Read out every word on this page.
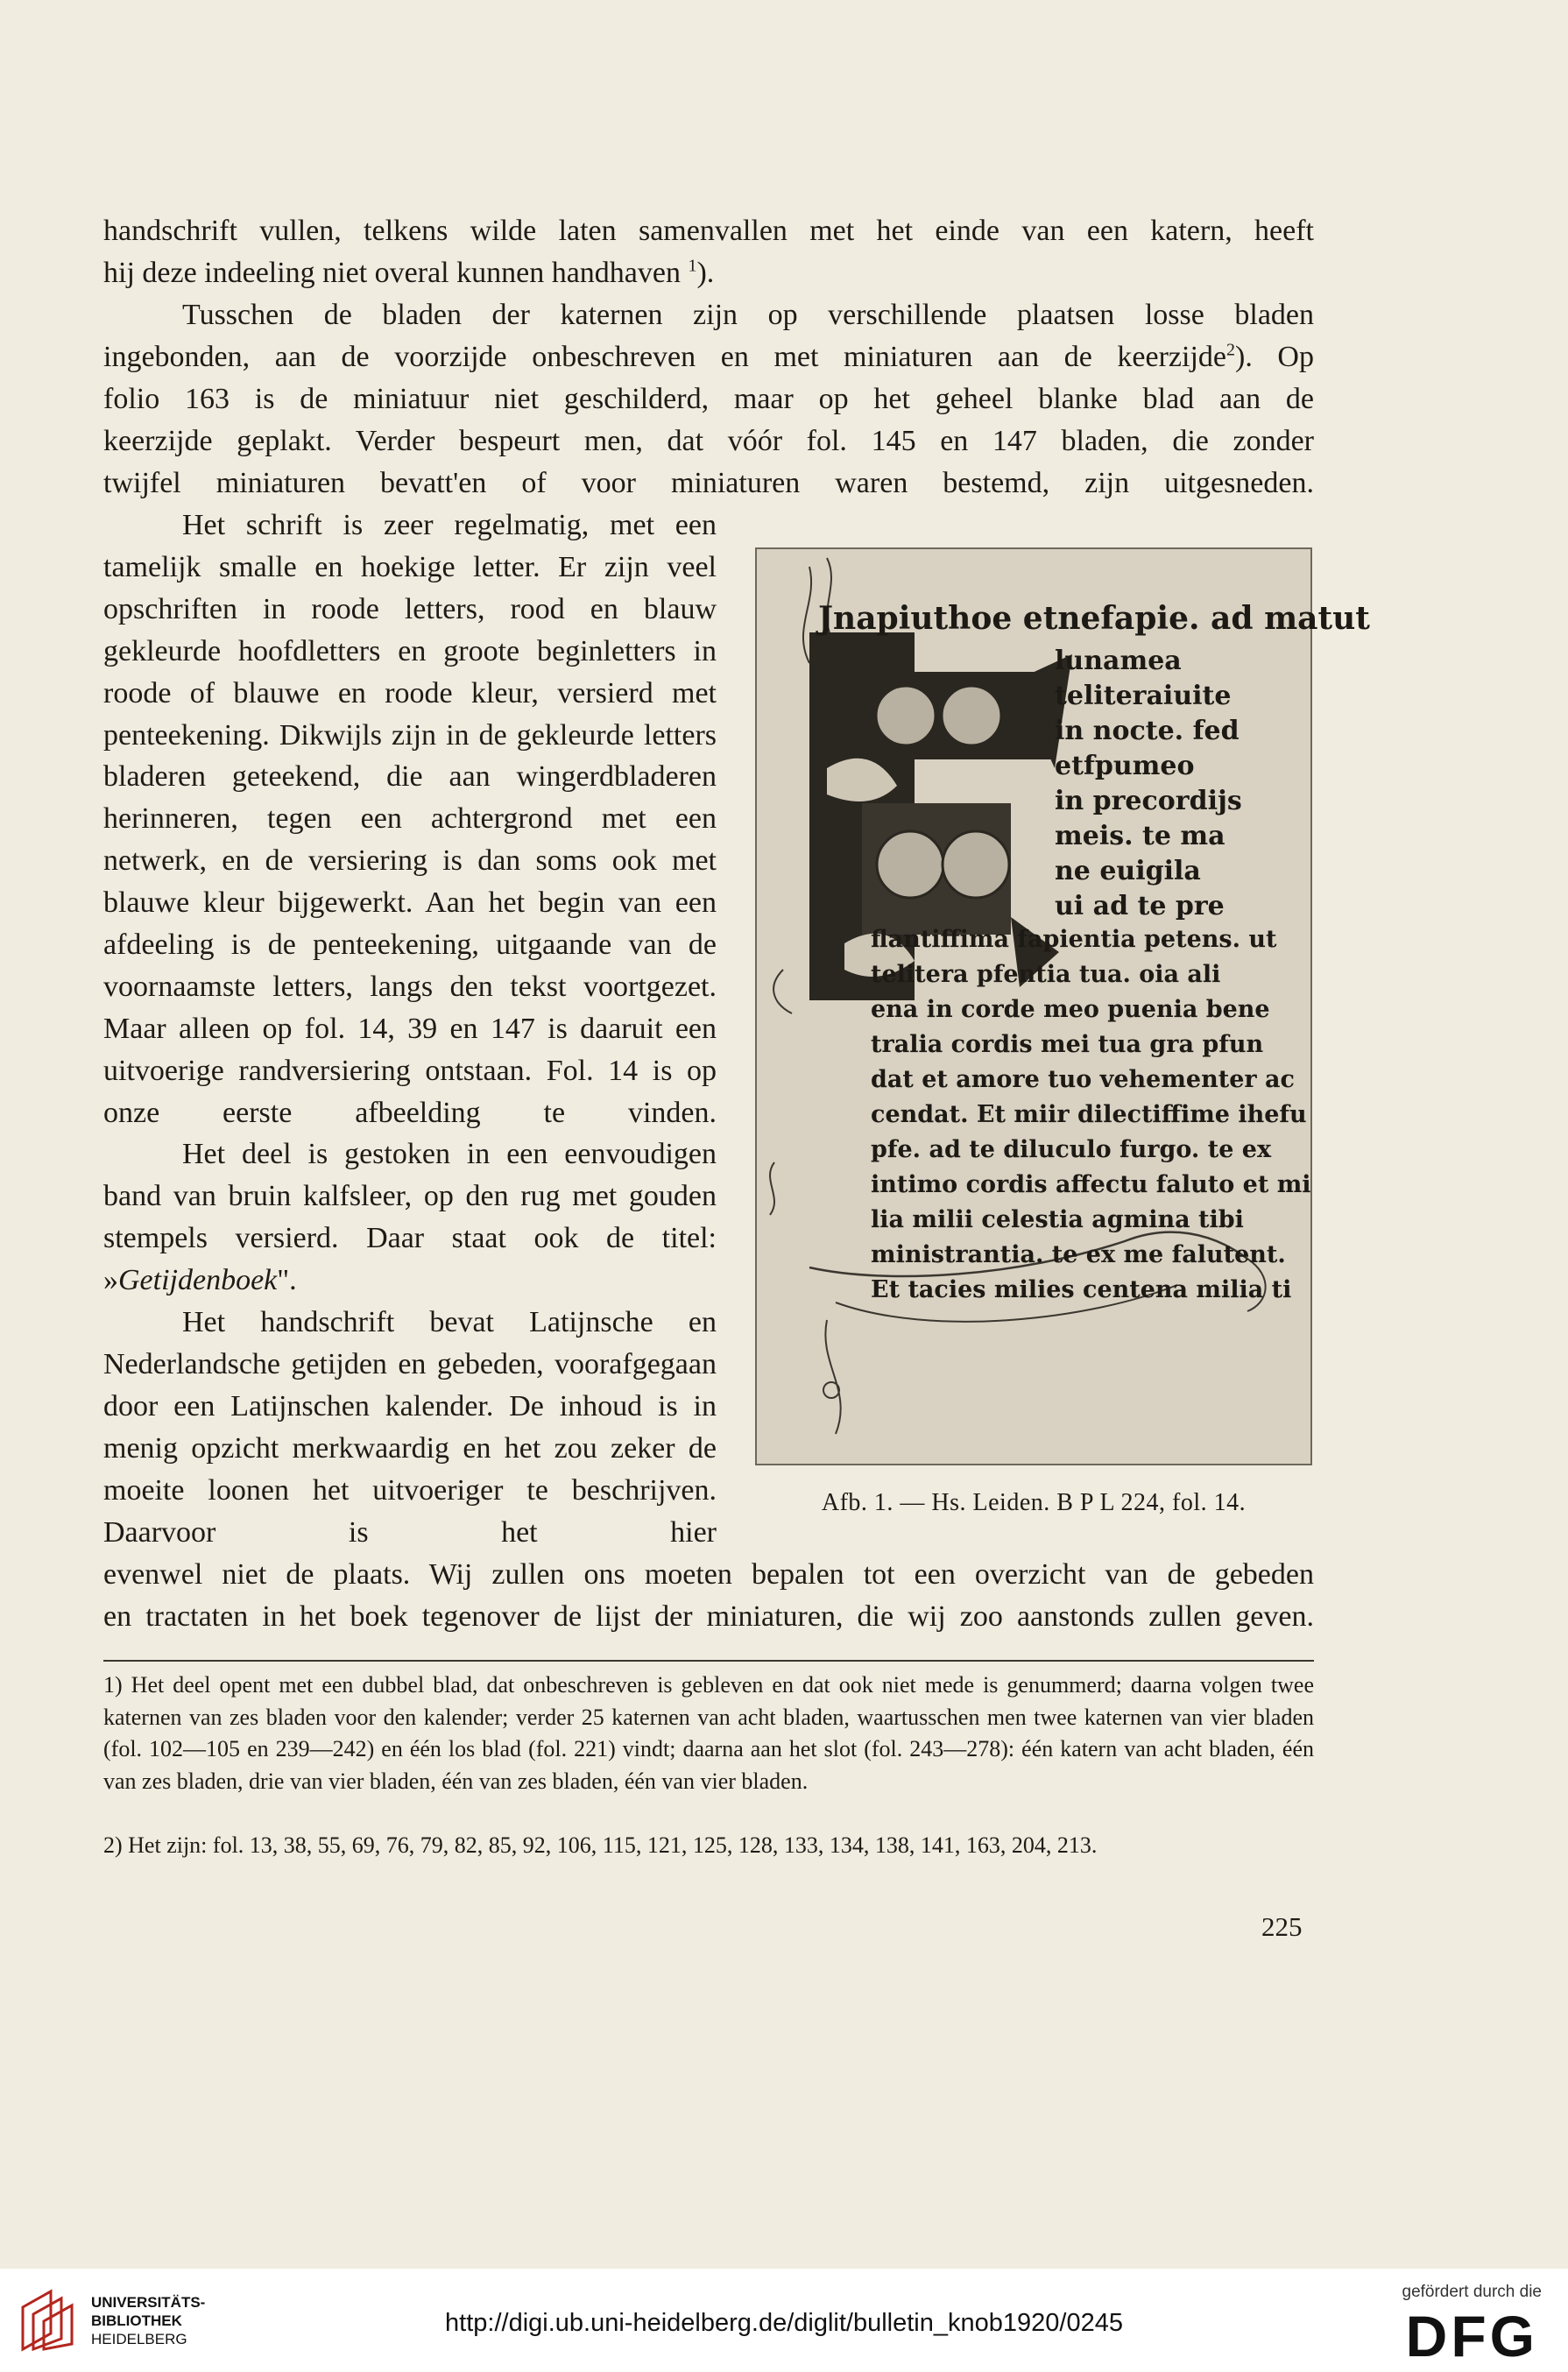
handschrift vullen, telkens wilde laten samenvallen met het einde van een katern, heeft

hij deze indeeling niet overal kunnen handhaven $^1$).

Tusschen de bladen der katernen zijn op verschillende plaatsen losse bladen

ingebonden, aan de voorzijde onbeschreven en met miniaturen aan de keerzijde$^2$). Op

folio 163 is de miniatuur niet geschilderd, maar op het geheel blanke blad aan de

keerzijde geplakt. Verder bespeurt men, dat vóór fol. 145 en 147 bladen, die zonder

twijfel miniaturen bevatt'en of voor miniaturen waren bestemd, zijn uitgesneden.

Het schrift is zeer regelmatig, met een tamelijk smalle en hoekige letter. Er zijn veel opschriften in roode letters, rood en blauw gekleurde hoofdletters en groote beginletters in roode of blauwe en roode kleur, versierd met penteekening. Dikwijls zijn in de gekleurde letters bladeren geteekend, die aan wingerdbladeren herinneren, tegen een achtergrond met een netwerk, en de versiering is dan soms ook met blauwe kleur bijgewerkt. Aan het begin van een afdeeling is de penteekening, uitgaande van de voornaamste letters, langs den tekst voortgezet. Maar alleen op fol. 14, 39 en 147 is daaruit een uitvoerige randversiering ontstaan. Fol. 14 is op onze eerste afbeelding te vinden.

Het deel is gestoken in een eenvoudigen band van bruin kalfsleer, op den rug met gouden stempels versierd. Daar staat ook de titel: »Getijdenboek".

Het handschrift bevat Latijnsche en Nederlandsche getijden en gebeden, voorafgegaan door een Latijnschen kalender. De inhoud is in menig opzicht merkwaardig en het zou zeker de moeite loonen het uitvoeriger te beschrijven. Daarvoor is het hier

evenwel niet de plaats. Wij zullen ons moeten bepalen tot een overzicht van de gebeden

en tractaten in het boek tegenover de lijst der miniaturen, die wij zoo aanstonds zullen geven.

Jnapiuthoe etnefapie. ad matut
lunamea
teliteraiuite
in nocte. fed
etfpumeo
in precordijs
meis. te ma
ne euigila
ui ad te pre
flantiffima fapientia petens. ut
telitera pfentia tua. oia ali
ena in corde meo puenia bene
tralia cordis mei tua gra pfun
dat et amore tuo vehementer ac
cendat. Et miir dilectiffime ihefu
pfe. ad te diluculo furgo. te ex
intimo cordis affectu faluto et mi
lia milii celestia agmina tibi
ministrantia. te ex me falutent.
Et tacies milies centena milia ti
Afb. 1. — Hs. Leiden. B P L 224, fol. 14.

1) Het deel opent met een dubbel blad, dat onbeschreven is gebleven en dat ook niet mede is genummerd; daarna volgen twee katernen van zes bladen voor den kalender; verder 25 katernen van acht bladen, waartusschen men twee katernen van vier bladen (fol. 102—105 en 239—242) en één los blad (fol. 221) vindt; daarna aan het slot (fol. 243—278): één katern van acht bladen, één van zes bladen, drie van vier bladen, één van zes bladen, één van vier bladen.

2) Het zijn: fol. 13, 38, 55, 69, 76, 79, 82, 85, 92, 106, 115, 121, 125, 128, 133, 134, 138, 141, 163, 204, 213.

225
UNIVERSITÄTS-
BIBLIOTHEK
HEIDELBERG
http://digi.ub.uni-heidelberg.de/diglit/bulletin_knob1920/0245
gefördert durch die
DFG
